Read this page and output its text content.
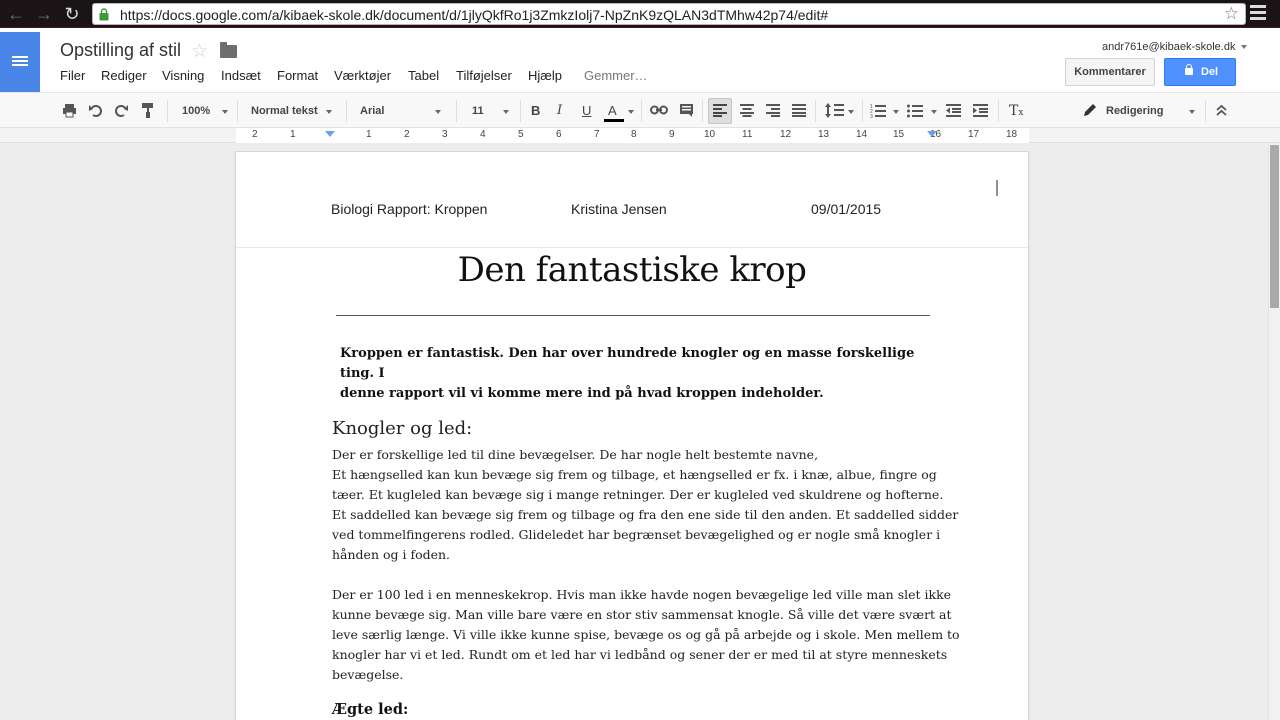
← → ↻	https://docs.google.com/a/kibaek-skole.dk/document/d/1jlyQkfRo1j3ZmkzIolj7-NpZnK9zQLAN3dTMhw42p74/edit#	☆
Opstilling af stil ☆
Filer Rediger Visning Indsæt Format Værktøjer Tabel Tilføjelser Hjælp Gemmer…
andr761e@kibaek-skole.dk
Kommentarer	Del
100%	Normal tekst	Arial	11	B I U A	1
2
3	Tx	Redigering
2	1	1	2	3	4	5	6	7	8	9	10	11	12	13	14	15	16	17	18
Biologi Rapport: Kroppen	Kristina Jensen	09/01/2015
Den fantastiske krop

Kroppen er fantastisk. Den har over hundrede knogler og en masse forskellige ting. I

denne rapport vil vi komme mere ind på hvad kroppen indeholder.

Knogler og led:

Der er forskellige led til dine bevægelser. De har nogle helt bestemte navne,

Et hængselled kan kun bevæge sig frem og tilbage, et hængselled er fx. i knæ, albue, fingre og

tæer. Et kugleled kan bevæge sig i mange retninger. Der er kugleled ved skuldrene og hofterne.

Et saddelled kan bevæge sig frem og tilbage og fra den ene side til den anden. Et saddelled sidder

ved tommelfingerens rodled. Glideledet har begrænset bevægelighed og er nogle små knogler i

hånden og i foden.

Der er 100 led i en menneskekrop. Hvis man ikke havde nogen bevægelige led ville man slet ikke

kunne bevæge sig. Man ville bare være en stor stiv sammensat knogle. Så ville det være svært at

leve særlig længe. Vi ville ikke kunne spise, bevæge os og gå på arbejde og i skole. Men mellem to

knogler har vi et led. Rundt om et led har vi ledbånd og sener der er med til at styre menneskets

bevægelse.

Ægte led:
